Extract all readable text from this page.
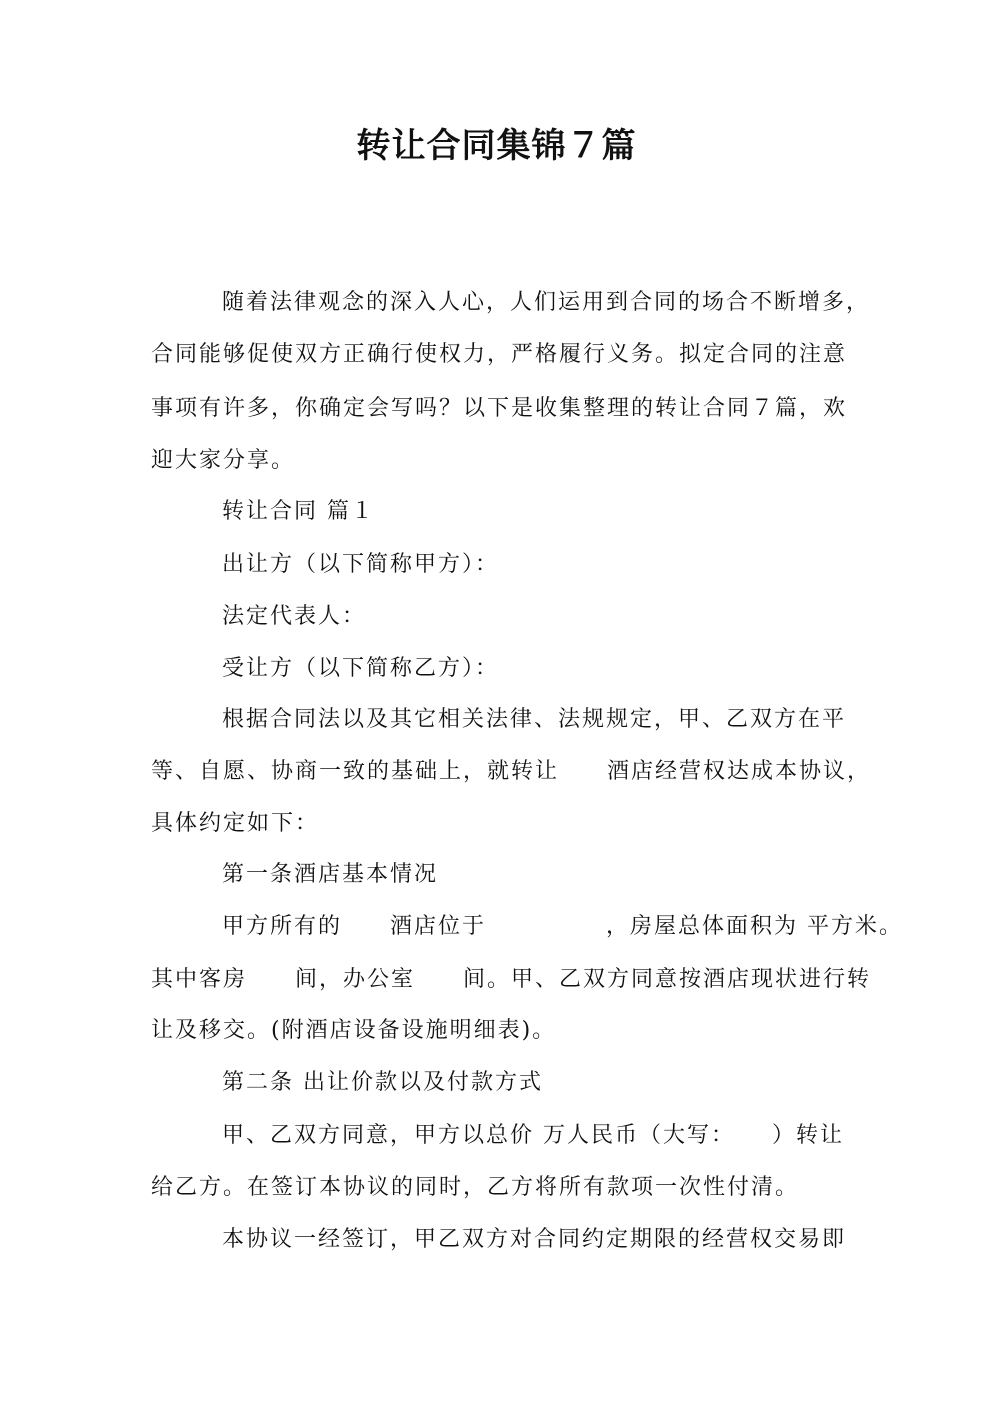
转让合同集锦７篇
随着法律观念的深入人心，人们运用到合同的场合不断增多，
合同能够促使双方正确行使权力，严格履行义务。拟定合同的注意
事项有许多，你确定会写吗？以下是收集整理的转让合同７篇，欢
迎大家分享。
转让合同 篇１
出让方（以下简称甲方）：
法定代表人：
受让方（以下简称乙方）：
根据合同法以及其它相关法律、法规规定，甲、乙双方在平
等、自愿、协商一致的基础上，就转让　　酒店经营权达成本协议，
具体约定如下：
第一条酒店基本情况
甲方所有的　　酒店位于　　　　　，房屋总体面积为 平方米。
其中客房　　间，办公室　　间。甲、乙双方同意按酒店现状进行转
让及移交。(附酒店设备设施明细表)。
第二条 出让价款以及付款方式
甲、乙双方同意，甲方以总价 万人民币（大写：　　）转让
给乙方。在签订本协议的同时，乙方将所有款项一次性付清。
本协议一经签订，甲乙双方对合同约定期限的经营权交易即
